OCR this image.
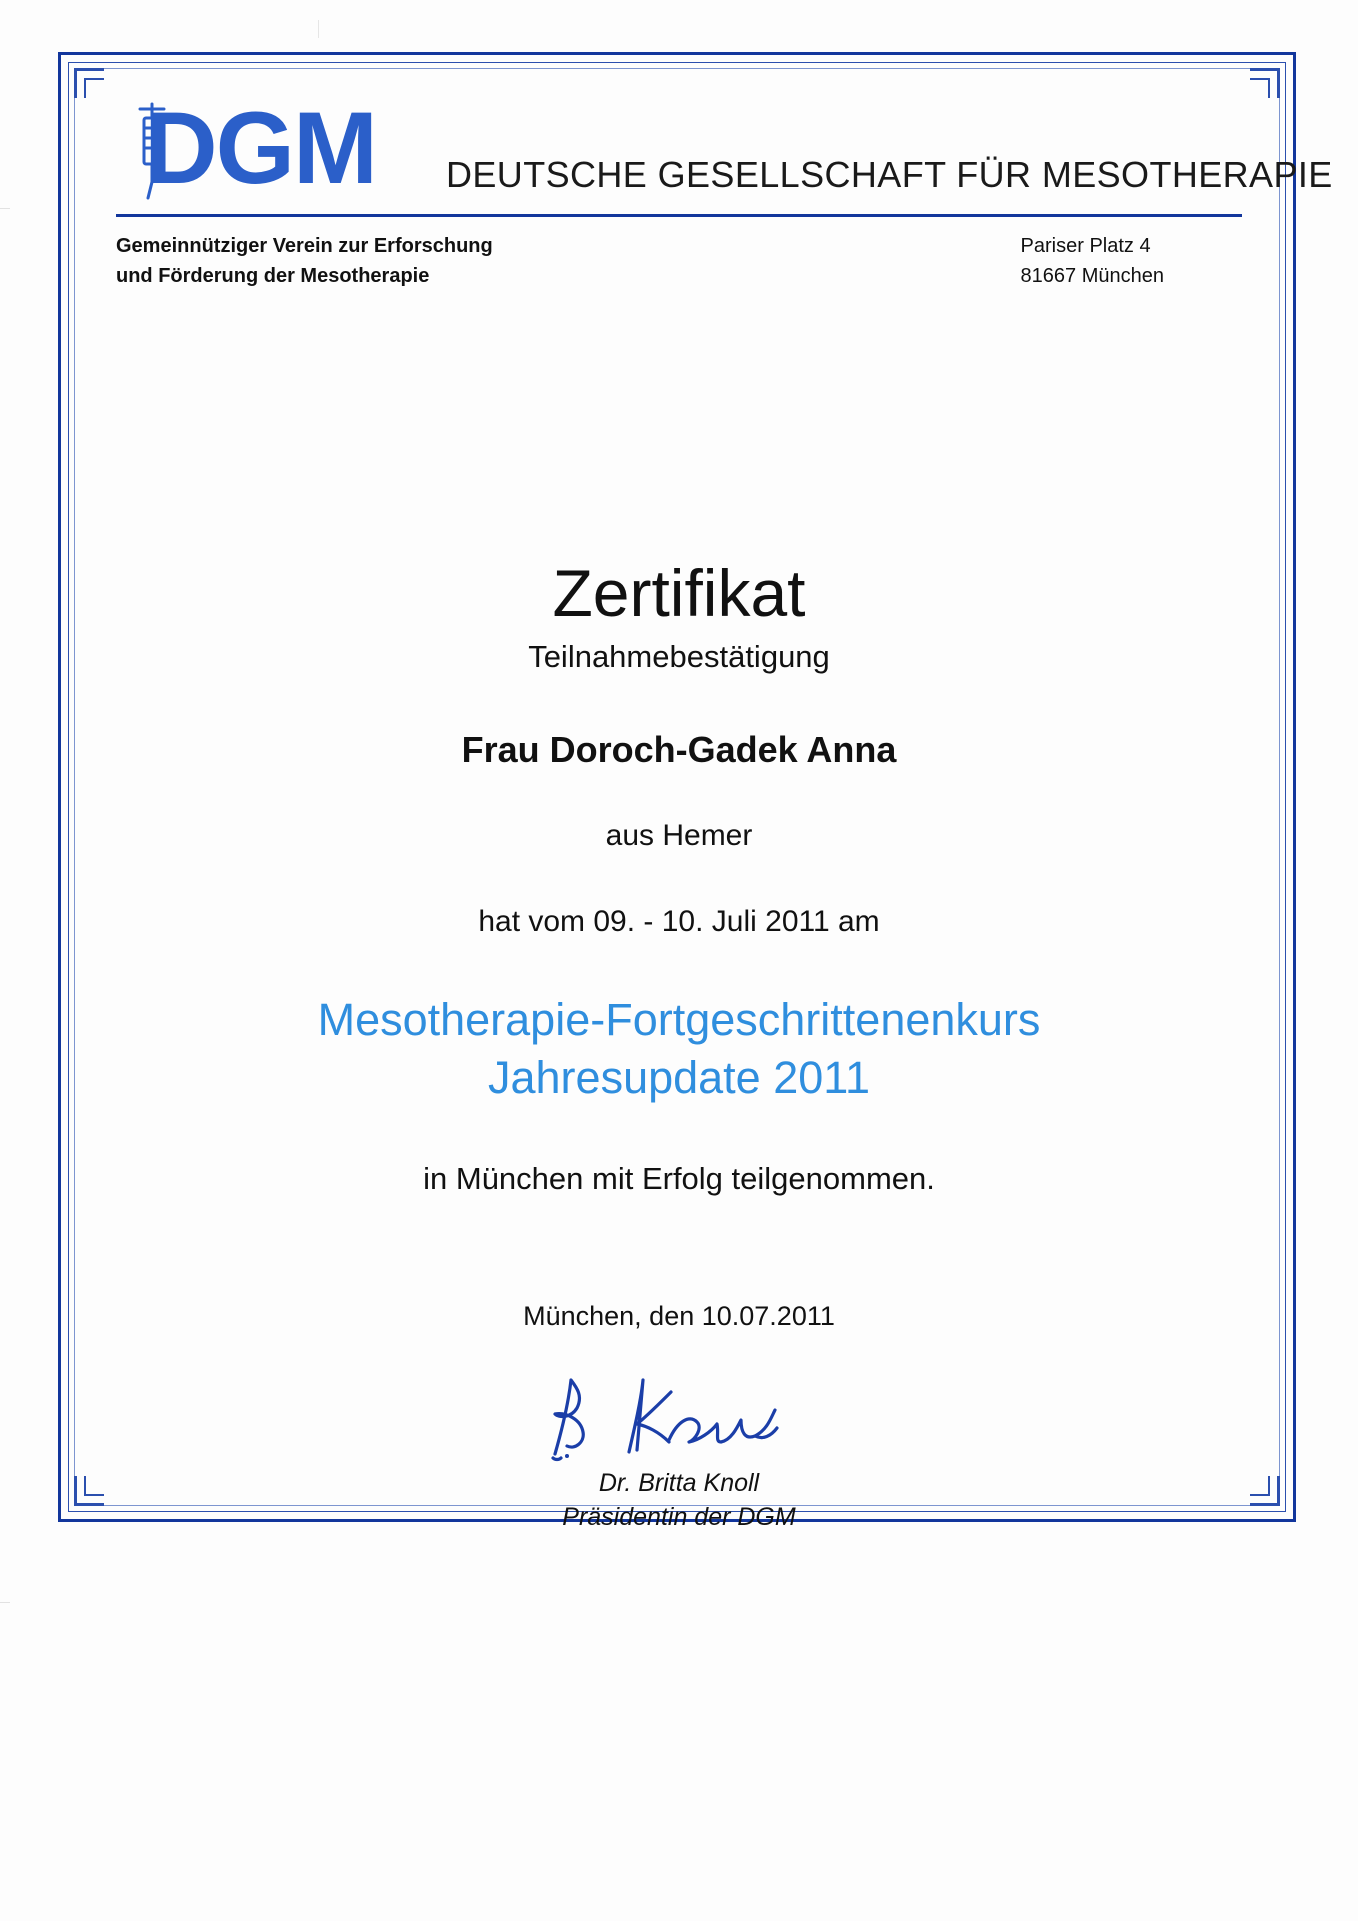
DGM DEUTSCHE GESELLSCHAFT FÜR MESOTHERAPIE
Gemeinnütziger Verein zur Erforschung
und Förderung der Mesotherapie
Pariser Platz 4
81667 München
Zertifikat
Teilnahmebestätigung
Frau Doroch-Gadek Anna
aus Hemer
hat vom 09. - 10. Juli 2011 am
Mesotherapie-Fortgeschrittenenkurs
Jahresupdate 2011
in München mit Erfolg teilgenommen.
München, den 10.07.2011
Dr. Britta Knoll
Präsidentin der DGM
